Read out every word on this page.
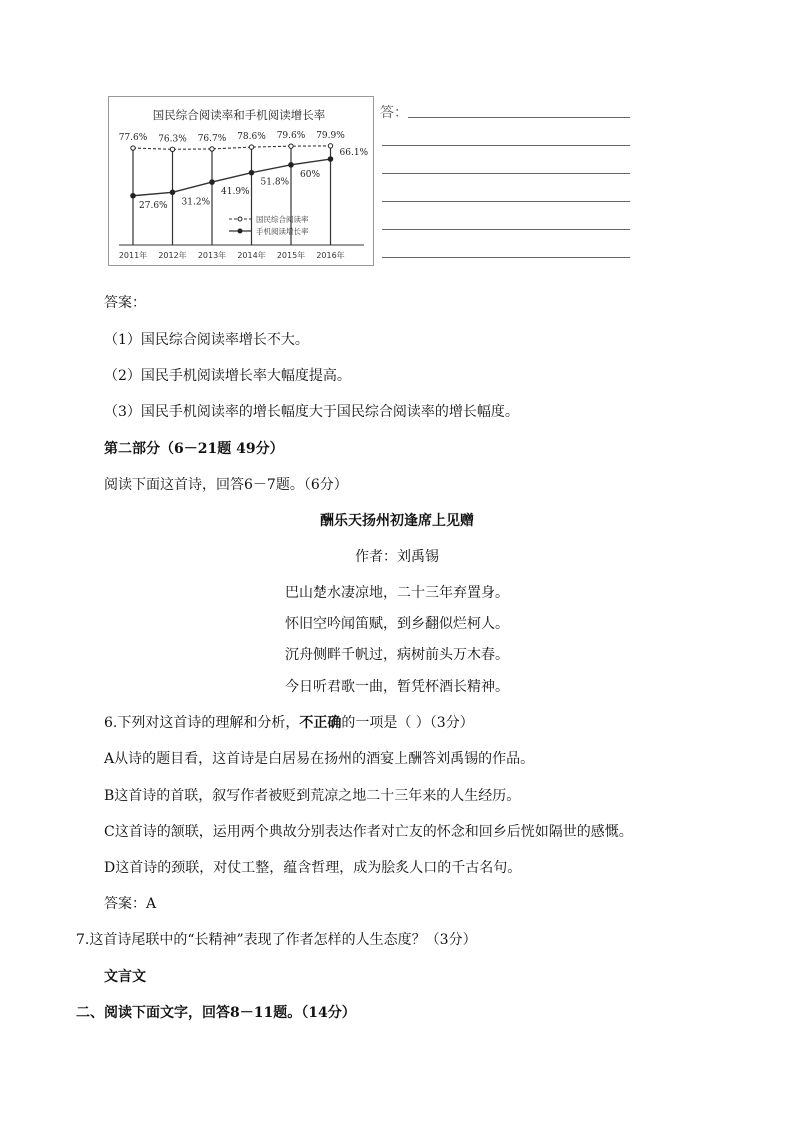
国民综合阅读率和手机阅读增长率
2011年 2012年 2013年 2014年 2015年 2016年
77.6% 76.3% 76.7% 78.6% 79.6% 79.9%
27.6% 31.2%
41.9%
51.8%
60%
66.1%
国民综合阅读率
手机阅读增长率
答：
答案：
（1）国民综合阅读率增长不大。
（2）国民手机阅读增长率大幅度提高。
（3）国民手机阅读率的增长幅度大于国民综合阅读率的增长幅度。
第二部分（6－21题 49分）
阅读下面这首诗，回答6－7题。（6分）
酬乐天扬州初逢席上见赠
作者：刘禹锡
巴山楚水凄凉地，二十三年弃置身。
怀旧空吟闻笛赋，到乡翻似烂柯人。
沉舟侧畔千帆过，病树前头万木春。
今日听君歌一曲，暂凭杯酒长精神。
6.下列对这首诗的理解和分析，不正确的一项是（ ）（3分）
A从诗的题目看，这首诗是白居易在扬州的酒宴上酬答刘禹锡的作品。
B这首诗的首联，叙写作者被贬到荒凉之地二十三年来的人生经历。
C这首诗的颔联，运用两个典故分别表达作者对亡友的怀念和回乡后恍如隔世的感慨。
D这首诗的颈联，对仗工整，蕴含哲理，成为脍炙人口的千古名句。
答案：A
7.这首诗尾联中的“长精神”表现了作者怎样的人生态度？（3分）
文言文
二、阅读下面文字，回答8－11题。（14分）
